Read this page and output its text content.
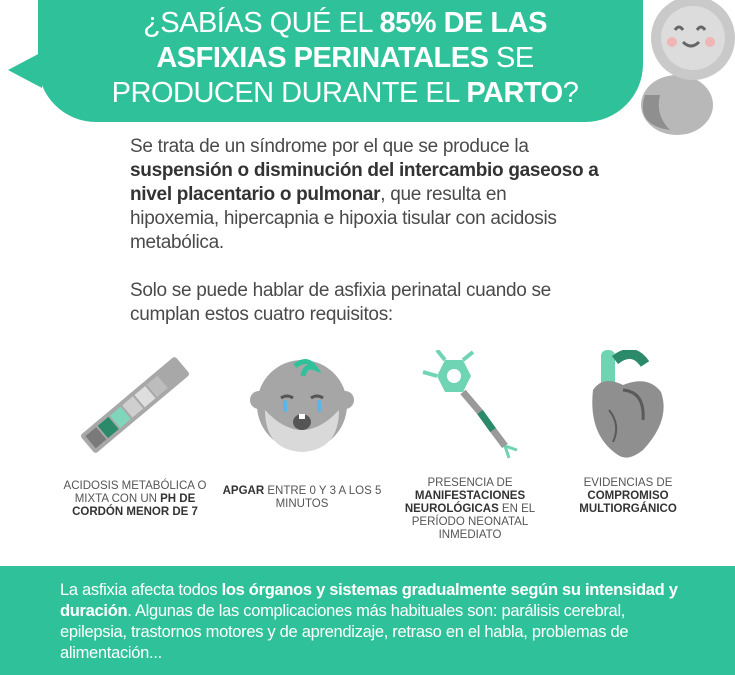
¿SABÍAS QUÉ EL 85% DE LAS
ASFIXIAS PERINATALES SE
PRODUCEN DURANTE EL PARTO?

Se trata de un síndrome por el que se produce la suspensión o disminución del intercambio gaseoso a nivel placentario o pulmonar, que resulta en hipoxemia, hipercapnia e hipoxia tisular con acidosis metabólica.

Solo se puede hablar de asfixia perinatal cuando se cumplan estos cuatro requisitos:

ACIDOSIS METABÓLICA O MIXTA CON UN PH DE CORDÓN MENOR DE 7
APGAR ENTRE 0 Y 3 A LOS 5 MINUTOS
PRESENCIA DE MANIFESTACIONES NEUROLÓGICAS EN EL PERÍODO NEONATAL INMEDIATO
EVIDENCIAS DE COMPROMISO MULTIORGÁNICO
La asfixia afecta todos los órganos y sistemas gradualmente según su intensidad y duración. Algunas de las complicaciones más habituales son: parálisis cerebral, epilepsia, trastornos motores y de aprendizaje, retraso en el habla, problemas de alimentación...
